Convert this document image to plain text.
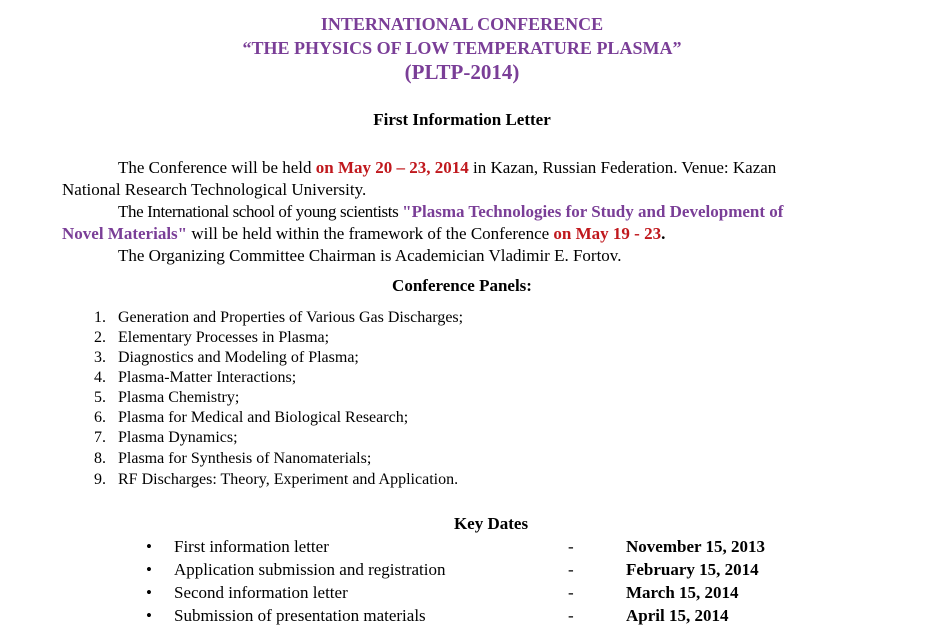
INTERNATIONAL CONFERENCE
“THE PHYSICS OF LOW TEMPERATURE PLASMA”
(PLTP-2014)
First Information Letter
The Conference will be held on May 20 – 23, 2014 in Kazan, Russian Federation. Venue: Kazan
National Research Technological University.
The International school of young scientists "Plasma Technologies for Study and Development of
Novel Materials" will be held within the framework of the Conference on May 19 - 23.
The Organizing Committee Chairman is Academician Vladimir E. Fortov.
Conference Panels:
1. Generation and Properties of Various Gas Discharges;
2. Elementary Processes in Plasma;
3. Diagnostics and Modeling of Plasma;
4. Plasma-Matter Interactions;
5. Plasma Chemistry;
6. Plasma for Medical and Biological Research;
7. Plasma Dynamics;
8. Plasma for Synthesis of Nanomaterials;
9. RF Discharges: Theory, Experiment and Application.
Key Dates
• First information letter	-	November 15, 2013
• Application submission and registration	-	February 15, 2014
• Second information letter	-	March 15, 2014
• Submission of presentation materials	-	April 15, 2014
